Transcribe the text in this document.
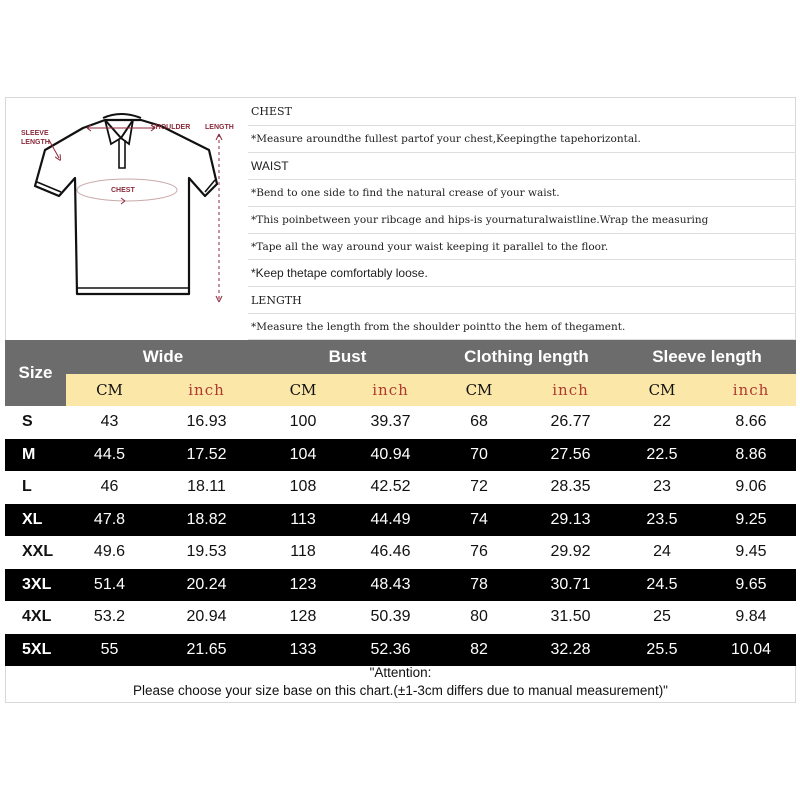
SLEEVE
LENGTH
SHOULDER LENGTH
CHEST
CHEST
*Measure aroundthe fullest partof your chest,Keepingthe tapehorizontal.
WAIST
*Bend to one side to find the natural crease of your waist.
*This poinbetween your ribcage and hips-is yournaturalwaistline.Wrap the measuring
*Tape all the way around your waist keeping it parallel to the floor.
*Keep thetape comfortably loose.
LENGTH
*Measure the length from the shoulder pointto the hem of thegament.
Size
Wide	Bust	Clothing length	Sleeve length
CM	inch	CM	inch	CM	inch	CM	inch
S	43	16.93	100	39.37	68	26.77	22	8.66
M	44.5	17.52	104	40.94	70	27.56	22.5	8.86
L	46	18.11	108	42.52	72	28.35	23	9.06
XL	47.8	18.82	113	44.49	74	29.13	23.5	9.25
XXL	49.6	19.53	118	46.46	76	29.92	24	9.45
3XL	51.4	20.24	123	48.43	78	30.71	24.5	9.65
4XL	53.2	20.94	128	50.39	80	31.50	25	9.84
5XL	55	21.65	133	52.36	82	32.28	25.5	10.04
"Attention:
Please choose your size base on this chart.(±1-3cm differs due to manual measurement)"
